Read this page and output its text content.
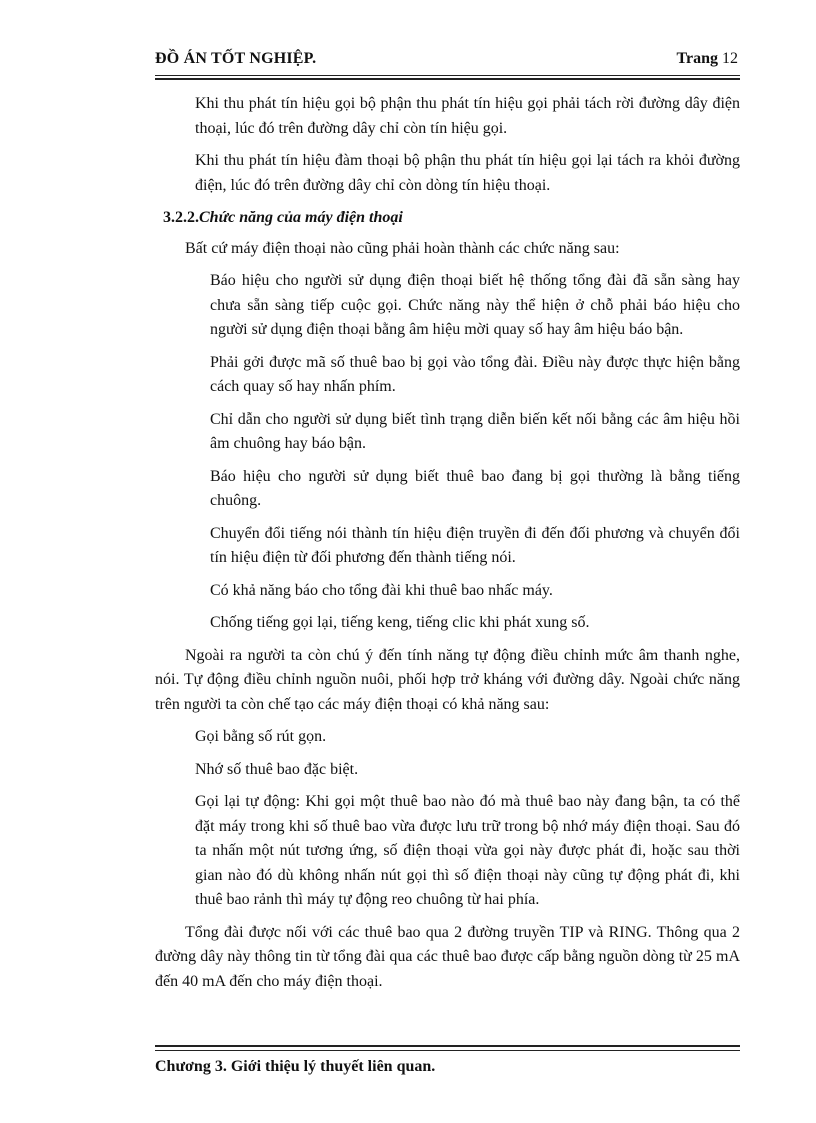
ĐỒ ÁN TỐT NGHIỆP.	Trang 12

Khi thu phát tín hiệu gọi bộ phận thu phát tín hiệu gọi phải tách rời đường dây điện thoại, lúc đó trên đường dây chỉ còn tín hiệu gọi.

Khi thu phát tín hiệu đàm thoại bộ phận thu phát tín hiệu gọi lại tách ra khỏi đường điện, lúc đó trên đường dây chỉ còn dòng tín hiệu thoại.

3.2.2.Chức năng của máy điện thoại

Bất cứ máy điện thoại nào cũng phải hoàn thành các chức năng sau:

Báo hiệu cho người sử dụng điện thoại biết hệ thống tổng đài đã sẵn sàng hay chưa sẵn sàng tiếp cuộc gọi. Chức năng này thể hiện ở chỗ phải báo hiệu cho người sử dụng điện thoại bằng âm hiệu mời quay số hay âm hiệu báo bận.

Phải gởi được mã số thuê bao bị gọi vào tổng đài. Điều này được thực hiện bằng cách quay số hay nhấn phím.

Chỉ dẫn cho người sử dụng biết tình trạng diễn biến kết nối bằng các âm hiệu hồi âm chuông hay báo bận.

Báo hiệu cho người sử dụng biết thuê bao đang bị gọi thường là bằng tiếng chuông.

Chuyển đổi tiếng nói thành tín hiệu điện truyền đi đến đối phương và chuyển đổi tín hiệu điện từ đối phương đến thành tiếng nói.

Có khả năng báo cho tổng đài khi thuê bao nhấc máy.

Chống tiếng gọi lại, tiếng keng, tiếng clic khi phát xung số.

Ngoài ra người ta còn chú ý đến tính năng tự động điều chỉnh mức âm thanh nghe, nói. Tự động điều chỉnh nguồn nuôi, phối hợp trở kháng với đường dây. Ngoài chức năng trên người ta còn chế tạo các máy điện thoại có khả năng sau:

Gọi bằng số rút gọn.

Nhớ số thuê bao đặc biệt.

Gọi lại tự động: Khi gọi một thuê bao nào đó mà thuê bao này đang bận, ta có thể đặt máy trong khi số thuê bao vừa được lưu trữ trong bộ nhớ máy điện thoại. Sau đó ta nhấn một nút tương ứng, số điện thoại vừa gọi này được phát đi, hoặc sau thời gian nào đó dù không nhấn nút gọi thì số điện thoại này cũng tự động phát đi, khi thuê bao rảnh thì máy tự động reo chuông từ hai phía.

Tổng đài được nối với các thuê bao qua 2 đường truyền TIP và RING. Thông qua 2 đường dây này thông tin từ tổng đài qua các thuê bao được cấp bằng nguồn dòng từ 25 mA đến 40 mA đến cho máy điện thoại.

Chương 3. Giới thiệu lý thuyết liên quan.
